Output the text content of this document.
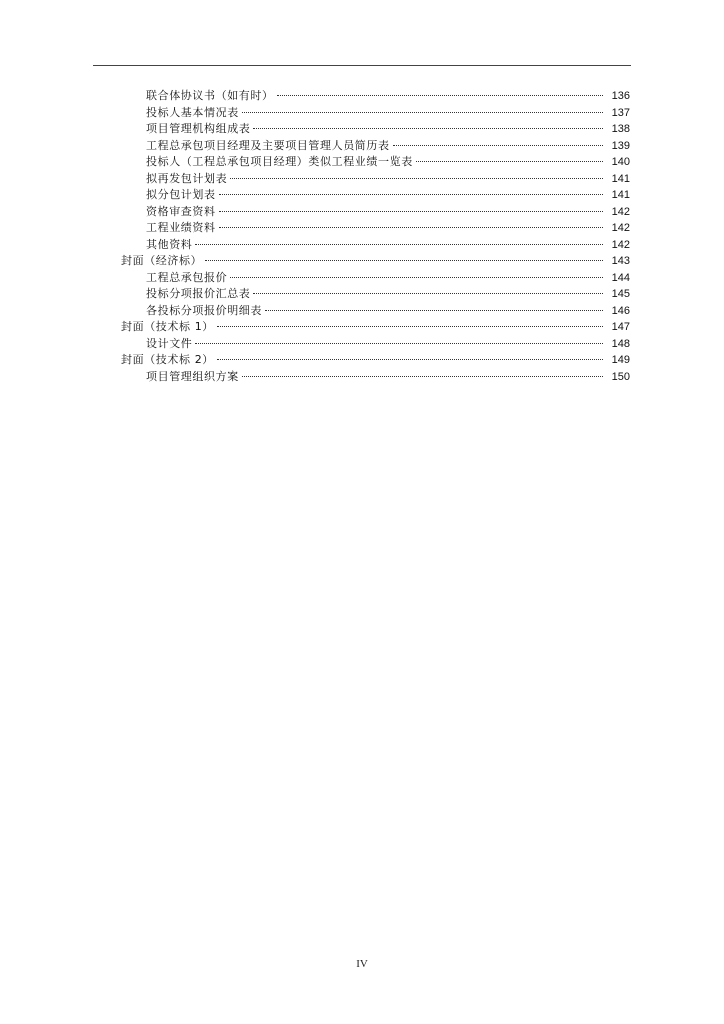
联合体协议书（如有时）	136
投标人基本情况表	137
项目管理机构组成表	138
工程总承包项目经理及主要项目管理人员简历表	139
投标人（工程总承包项目经理）类似工程业绩一览表	140
拟再发包计划表	141
拟分包计划表	141
资格审查资料	142
工程业绩资料	142
其他资料	142
封面（经济标）	143
工程总承包报价	144
投标分项报价汇总表	145
各投标分项报价明细表	146
封面（技术标 1）	147
设计文件	148
封面（技术标 2）	149
项目管理组织方案	150
IV
